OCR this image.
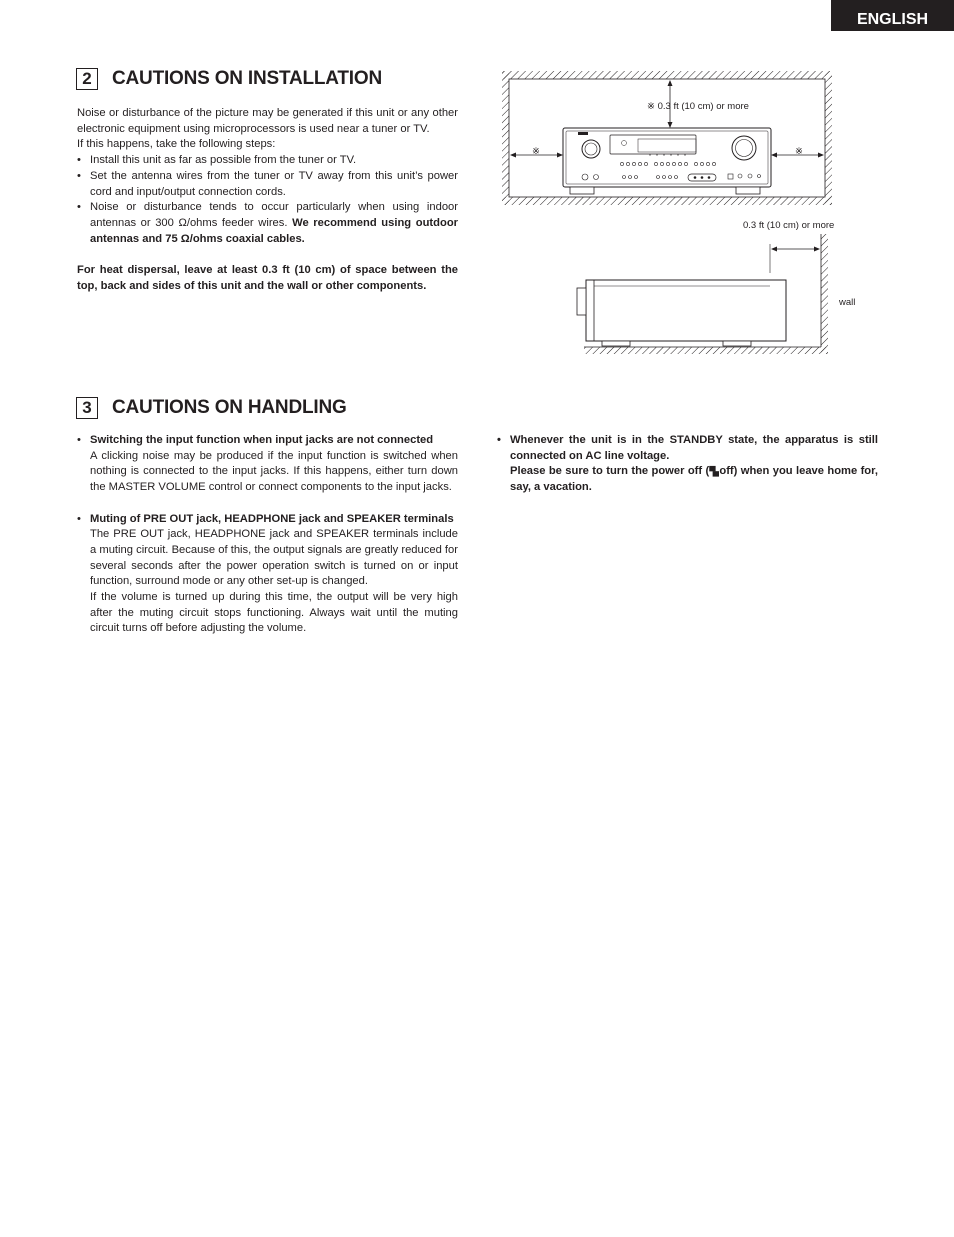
ENGLISH
2	CAUTIONS ON INSTALLATION

Noise or disturbance of the picture may be generated if this unit or any other electronic equipment using microprocessors is used near a tuner or TV.

If this happens, take the following steps:

• Install this unit as far as possible from the tuner or TV.
• Set the antenna wires from the tuner or TV away from this unit’s power cord and input/output connection cords.
• Noise or disturbance tends to occur particularly when using indoor antennas or 300 Ω/ohms feeder wires. We recommend using outdoor antennas and 75 Ω/ohms coaxial cables.

For heat dispersal, leave at least 0.3 ft (10 cm) of space between the top, back and sides of this unit and the wall or other components.

※ 0.3 ft (10 cm) or more
※	※
0.3 ft (10 cm) or more
wall
3	CAUTIONS ON HANDLING
• Switching the input function when input jacks are not connected
A clicking noise may be produced if the input function is switched when nothing is connected to the input jacks. If this happens, either turn down the MASTER VOLUME control or connect components to the input jacks.
• Muting of PRE OUT jack, HEADPHONE jack and SPEAKER terminals
The PRE OUT jack, HEADPHONE jack and SPEAKER terminals include a muting circuit. Because of this, the output signals are greatly reduced for several seconds after the power operation switch is turned on or input function, surround mode or any other set-up is changed.
If the volume is turned up during this time, the output will be very high after the muting circuit stops functioning. Always wait until the muting circuit turns off before adjusting the volume.
• Whenever the unit is in the STANDBY state, the apparatus is still connected on AC line voltage.
Please be sure to turn the power off (▀▄ off) when you leave home for, say, a vacation.
